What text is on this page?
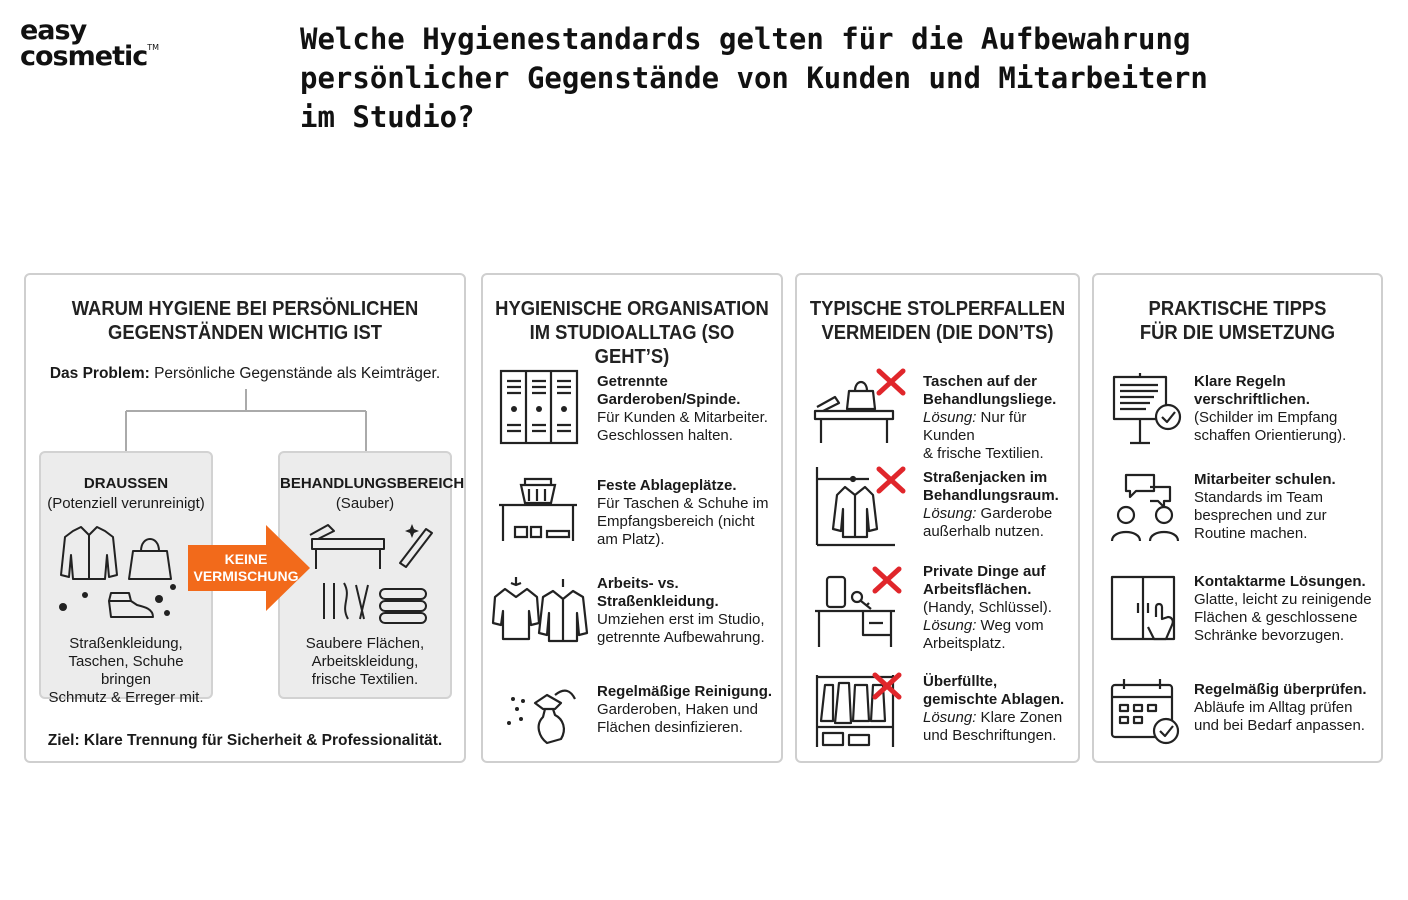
easy
cosmetic™	Welche Hygienestandards gelten für die Aufbewahrung persönlicher Gegenstände von Kunden und Mitarbeitern im Studio?
WARUM HYGIENE BEI PERSÖNLICHEN
GEGENSTÄNDEN WICHTIG IST
Das Problem: Persönliche Gegenstände als Keimträger.
DRAUSSEN
(Potenziell verunreinigt)
Straßenkleidung,
Taschen, Schuhe bringen
Schmutz & Erreger mit.
BEHANDLUNGSBEREICH
(Sauber)
Saubere Flächen,
Arbeitskleidung,
frische Textilien.
KEINE
VERMISCHUNG
Ziel: Klare Trennung für Sicherheit & Professionalität.
HYGIENISCHE ORGANISATION
IM STUDIOALLTAG (SO GEHT’S)
Getrennte
Garderoben/Spinde.
Für Kunden & Mitarbeiter.
Geschlossen halten.
Feste Ablageplätze.
Für Taschen & Schuhe im
Empfangsbereich (nicht
am Platz).
Arbeits- vs.
Straßenkleidung.
Umziehen erst im Studio,
getrennte Aufbewahrung.
Regelmäßige Reinigung.
Garderoben, Haken und
Flächen desinfizieren.
TYPISCHE STOLPERFALLEN
VERMEIDEN (DIE DON’TS)
Taschen auf der
Behandlungsliege.
Lösung: Nur für Kunden
& frische Textilien.
Straßenjacken im
Behandlungsraum.
Lösung: Garderobe
außerhalb nutzen.
Private Dinge auf
Arbeitsflächen.
(Handy, Schlüssel).
Lösung: Weg vom
Arbeitsplatz.
Überfüllte,
gemischte Ablagen.
Lösung: Klare Zonen
und Beschriftungen.
PRAKTISCHE TIPPS
FÜR DIE UMSETZUNG
Klare Regeln
verschriftlichen.
(Schilder im Empfang
schaffen Orientierung).
Mitarbeiter schulen.
Standards im Team
besprechen und zur
Routine machen.
Kontaktarme Lösungen.
Glatte, leicht zu reinigende
Flächen & geschlossene
Schränke bevorzugen.
Regelmäßig überprüfen.
Abläufe im Alltag prüfen
und bei Bedarf anpassen.
